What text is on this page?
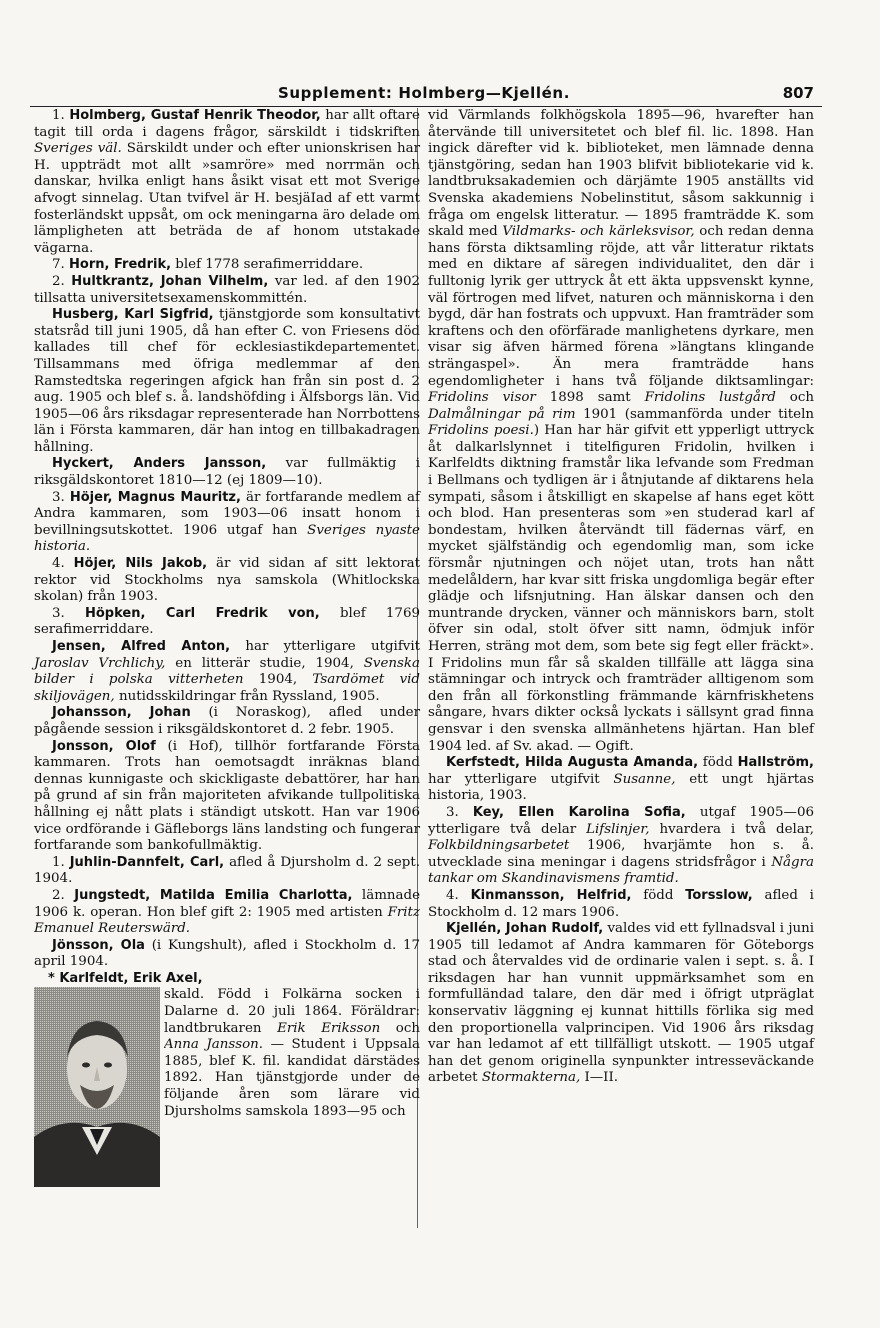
Supplement: Holmberg—Kjellén.	807

1. Holmberg, Gustaf Henrik Theodor, har allt oftare tagit till orda i dagens frågor, särskildt i tidskriften Sveriges väl. Särskildt under och efter unionskrisen har H. uppträdt mot allt »samröre» med norrmän och danskar, hvilka enligt hans åsikt visat ett mot Sverige afvogt sinnelag. Utan tvifvel är H. besjäIad af ett varmt fosterländskt uppsåt, om ock meningarna äro delade om lämpligheten att beträda de af honom utstakade vägarna.

7. Horn, Fredrik, blef 1778 serafimerriddare.

2. Hultkrantz, Johan Vilhelm, var led. af den 1902 tillsatta universitetsexamenskommittén.

Husberg, Karl Sigfrid, tjänstgjorde som konsultativt statsråd till juni 1905, då han efter C. von Friesens död kallades till chef för ecklesiastikdepartementet. Tillsammans med öfriga medlemmar af den Ramstedtska regeringen afgick han från sin post d. 2 aug. 1905 och blef s. å. landshöfding i Älfsborgs län. Vid 1905—06 års riksdagar representerade han Norrbottens län i Första kammaren, där han intog en tillbakadragen hållning.

Hyckert, Anders Jansson, var fullmäktig i riksgäldskontoret 1810—12 (ej 1809—10).

3. Höjer, Magnus Mauritz, är fortfarande medlem af Andra kammaren, som 1903—06 insatt honom i bevillningsutskottet. 1906 utgaf han Sveriges nyaste historia.

4. Höjer, Nils Jakob, är vid sidan af sitt lektorat rektor vid Stockholms nya samskola (Whitlockska skolan) från 1903.

3. Höpken, Carl Fredrik von, blef 1769 serafimerriddare.

Jensen, Alfred Anton, har ytterligare utgifvit Jaroslav Vrchlichy, en litterär studie, 1904, Svenska bilder i polska vitterheten 1904, Tsardömet vid skiljovägen, nutidsskildringar från Ryssland, 1905.

Johansson, Johan (i Noraskog), afled under pågående session i riksgäldskontoret d. 2 febr. 1905.

Jonsson, Olof (i Hof), tillhör fortfarande Första kammaren. Trots han oemotsagdt inräknas bland dennas kunnigaste och skickligaste debattörer, har han på grund af sin från majoriteten afvikande tullpolitiska hållning ej nått plats i ständigt utskott. Han var 1906 vice ordförande i Gäfleborgs läns landsting och fungerar fortfarande som bankofullmäktig.

1. Juhlin-Dannfelt, Carl, afled å Djursholm d. 2 sept. 1904.

2. Jungstedt, Matilda Emilia Charlotta, lämnade 1906 k. operan. Hon blef gift 2: 1905 med artisten Fritz Emanuel Reuterswärd.

Jönsson, Ola (i Kungshult), afled i Stockholm d. 17 april 1904.

* Karlfeldt, Erik Axel,

skald. Född i Folkärna socken i Dalarne d. 20 juli 1864. Föräldrar: landtbrukaren Erik Eriksson och Anna Jansson. — Student i Uppsala 1885, blef K. fil. kandidat därstädes 1892. Han tjänstgjorde under de följande åren som lärare vid Djursholms samskola 1893—95 och

vid Värmlands folkhögskola 1895—96, hvarefter han återvände till universitetet och blef fil. lic. 1898. Han ingick därefter vid k. biblioteket, men lämnade denna tjänstgöring, sedan han 1903 blifvit bibliotekarie vid k. landtbruksakademien och därjämte 1905 anställts vid Svenska akademiens Nobelinstitut, såsom sakkunnig i fråga om engelsk litteratur. — 1895 framträdde K. som skald med Vildmarks- och kärleksvisor, och redan denna hans första diktsamling röjde, att vår litteratur riktats med en diktare af säregen individualitet, den där i fulltonig lyrik ger uttryck åt ett äkta uppsvenskt kynne, väl förtrogen med lifvet, naturen och människorna i den bygd, där han fostrats och uppvuxt. Han framträder som kraftens och den oförfärade manlighetens dyrkare, men visar sig äfven härmed förena »längtans klingande strängaspel». Än mera framträdde hans egendomligheter i hans två följande diktsamlingar: Fridolins visor 1898 samt Fridolins lustgård och Dalmålningar på rim 1901 (sammanförda under titeln Fridolins poesi.) Han har här gifvit ett ypperligt uttryck åt dalkarlslynnet i titelfiguren Fridolin, hvilken i Karlfeldts diktning framstår lika lefvande som Fredman i Bellmans och tydligen är i åtnjutande af diktarens hela sympati, såsom i åtskilligt en skapelse af hans eget kött och blod. Han presenteras som »en studerad karl af bondestam, hvilken återvändt till fädernas värf, en mycket själfständig och egendomlig man, som icke försmår njutningen och nöjet utan, trots han nått medelåldern, har kvar sitt friska ungdomliga begär efter glädje och lifsnjutning. Han älskar dansen och den muntrande drycken, vänner och människors barn, stolt öfver sin odal, stolt öfver sitt namn, ödmjuk inför Herren, sträng mot dem, som bete sig fegt eller fräckt». I Fridolins mun får så skalden tillfälle att lägga sina stämningar och intryck och framträder alltigenom som den från all förkonstling främmande kärnfriskhetens sångare, hvars dikter också lyckats i sällsynt grad finna gensvar i den svenska allmänhetens hjärtan. Han blef 1904 led. af Sv. akad. — Ogift.

Kerfstedt, Hilda Augusta Amanda, född Hallström, har ytterligare utgifvit Susanne, ett ungt hjärtas historia, 1903.

3. Key, Ellen Karolina Sofia, utgaf 1905—06 ytterligare två delar Lifslinjer, hvardera i två delar, Folkbildningsarbetet 1906, hvarjämte hon s. å. utvecklade sina meningar i dagens stridsfrågor i Några tankar om Skandinavismens framtid.

4. Kinmansson, Helfrid, född Torsslow, afled i Stockholm d. 12 mars 1906.

Kjellén, Johan Rudolf, valdes vid ett fyllnadsval i juni 1905 till ledamot af Andra kammaren för Göteborgs stad och återvaldes vid de ordinarie valen i sept. s. å. I riksdagen har han vunnit uppmärksamhet som en formfulländad talare, den där med i öfrigt utpräglat konservativ läggning ej kunnat hittills förlika sig med den proportionella valprincipen. Vid 1906 års riksdag var han ledamot af ett tillfälligt utskott. — 1905 utgaf han det genom originella synpunkter intresseväckande arbetet Stormakterna, I—II.
